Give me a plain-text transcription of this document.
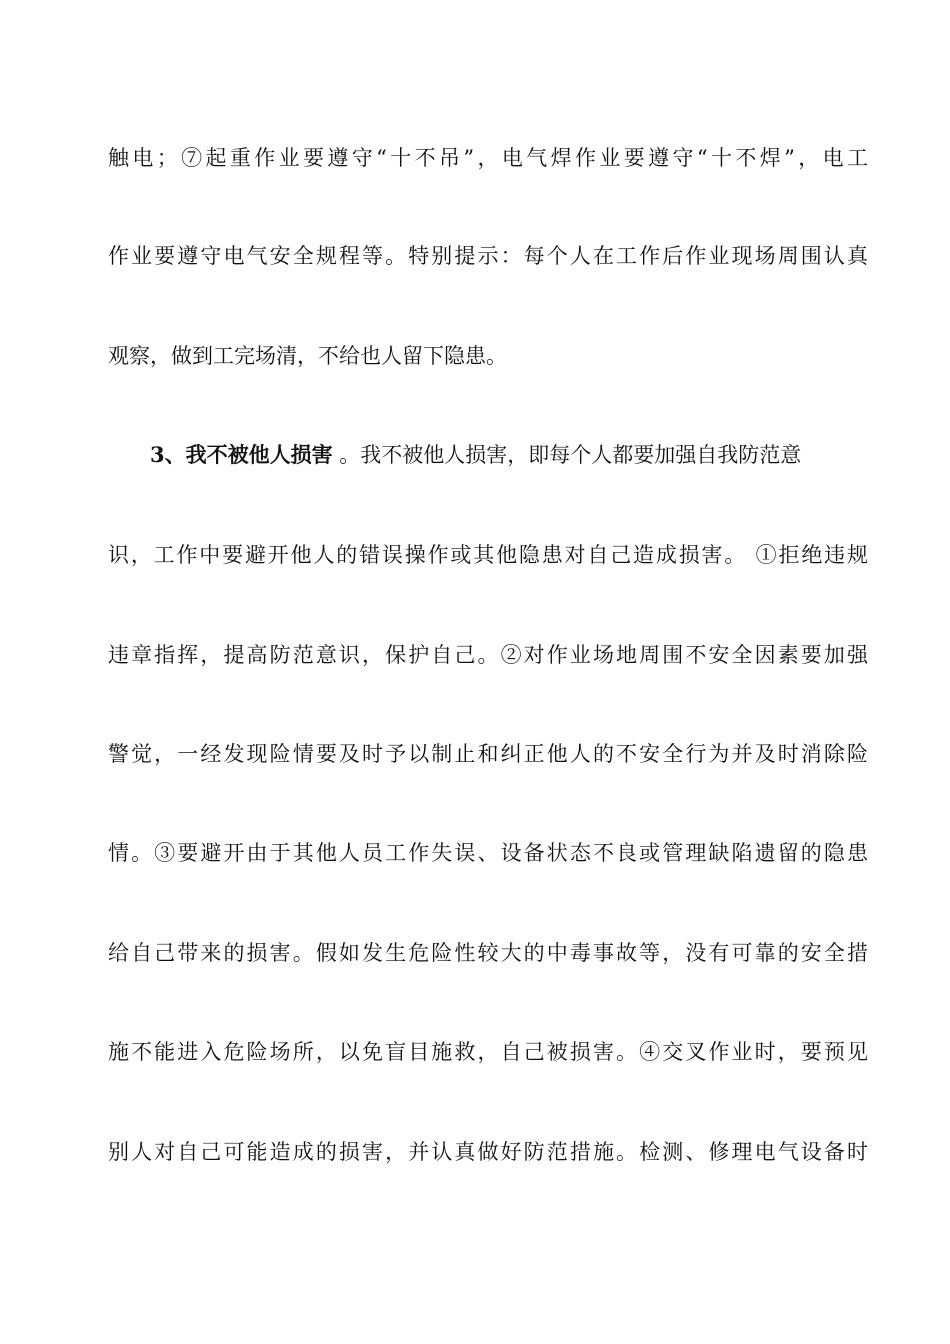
触电；⑦起重作业要遵守“十不吊”，电气焊作业要遵守“十不焊”，电工
作业要遵守电气安全规程等。特别提示：每个人在工作后作业现场周围认真
观察，做到工完场清，不给也人留下隐患。
3、我不被他人损害 。我不被他人损害，即每个人都要加强自我防范意
识，工作中要避开他人的错误操作或其他隐患对自己造成损害。 ①拒绝违规
违章指挥，提高防范意识，保护自己。②对作业场地周围不安全因素要加强
警觉，一经发现险情要及时予以制止和纠正他人的不安全行为并及时消除险
情。③要避开由于其他人员工作失误、设备状态不良或管理缺陷遗留的隐患
给自己带来的损害。假如发生危险性较大的中毒事故等，没有可靠的安全措
施不能进入危险场所，以免盲目施救，自己被损害。④交叉作业时，要预见
别人对自己可能造成的损害，并认真做好防范措施。检测、修理电气设备时
